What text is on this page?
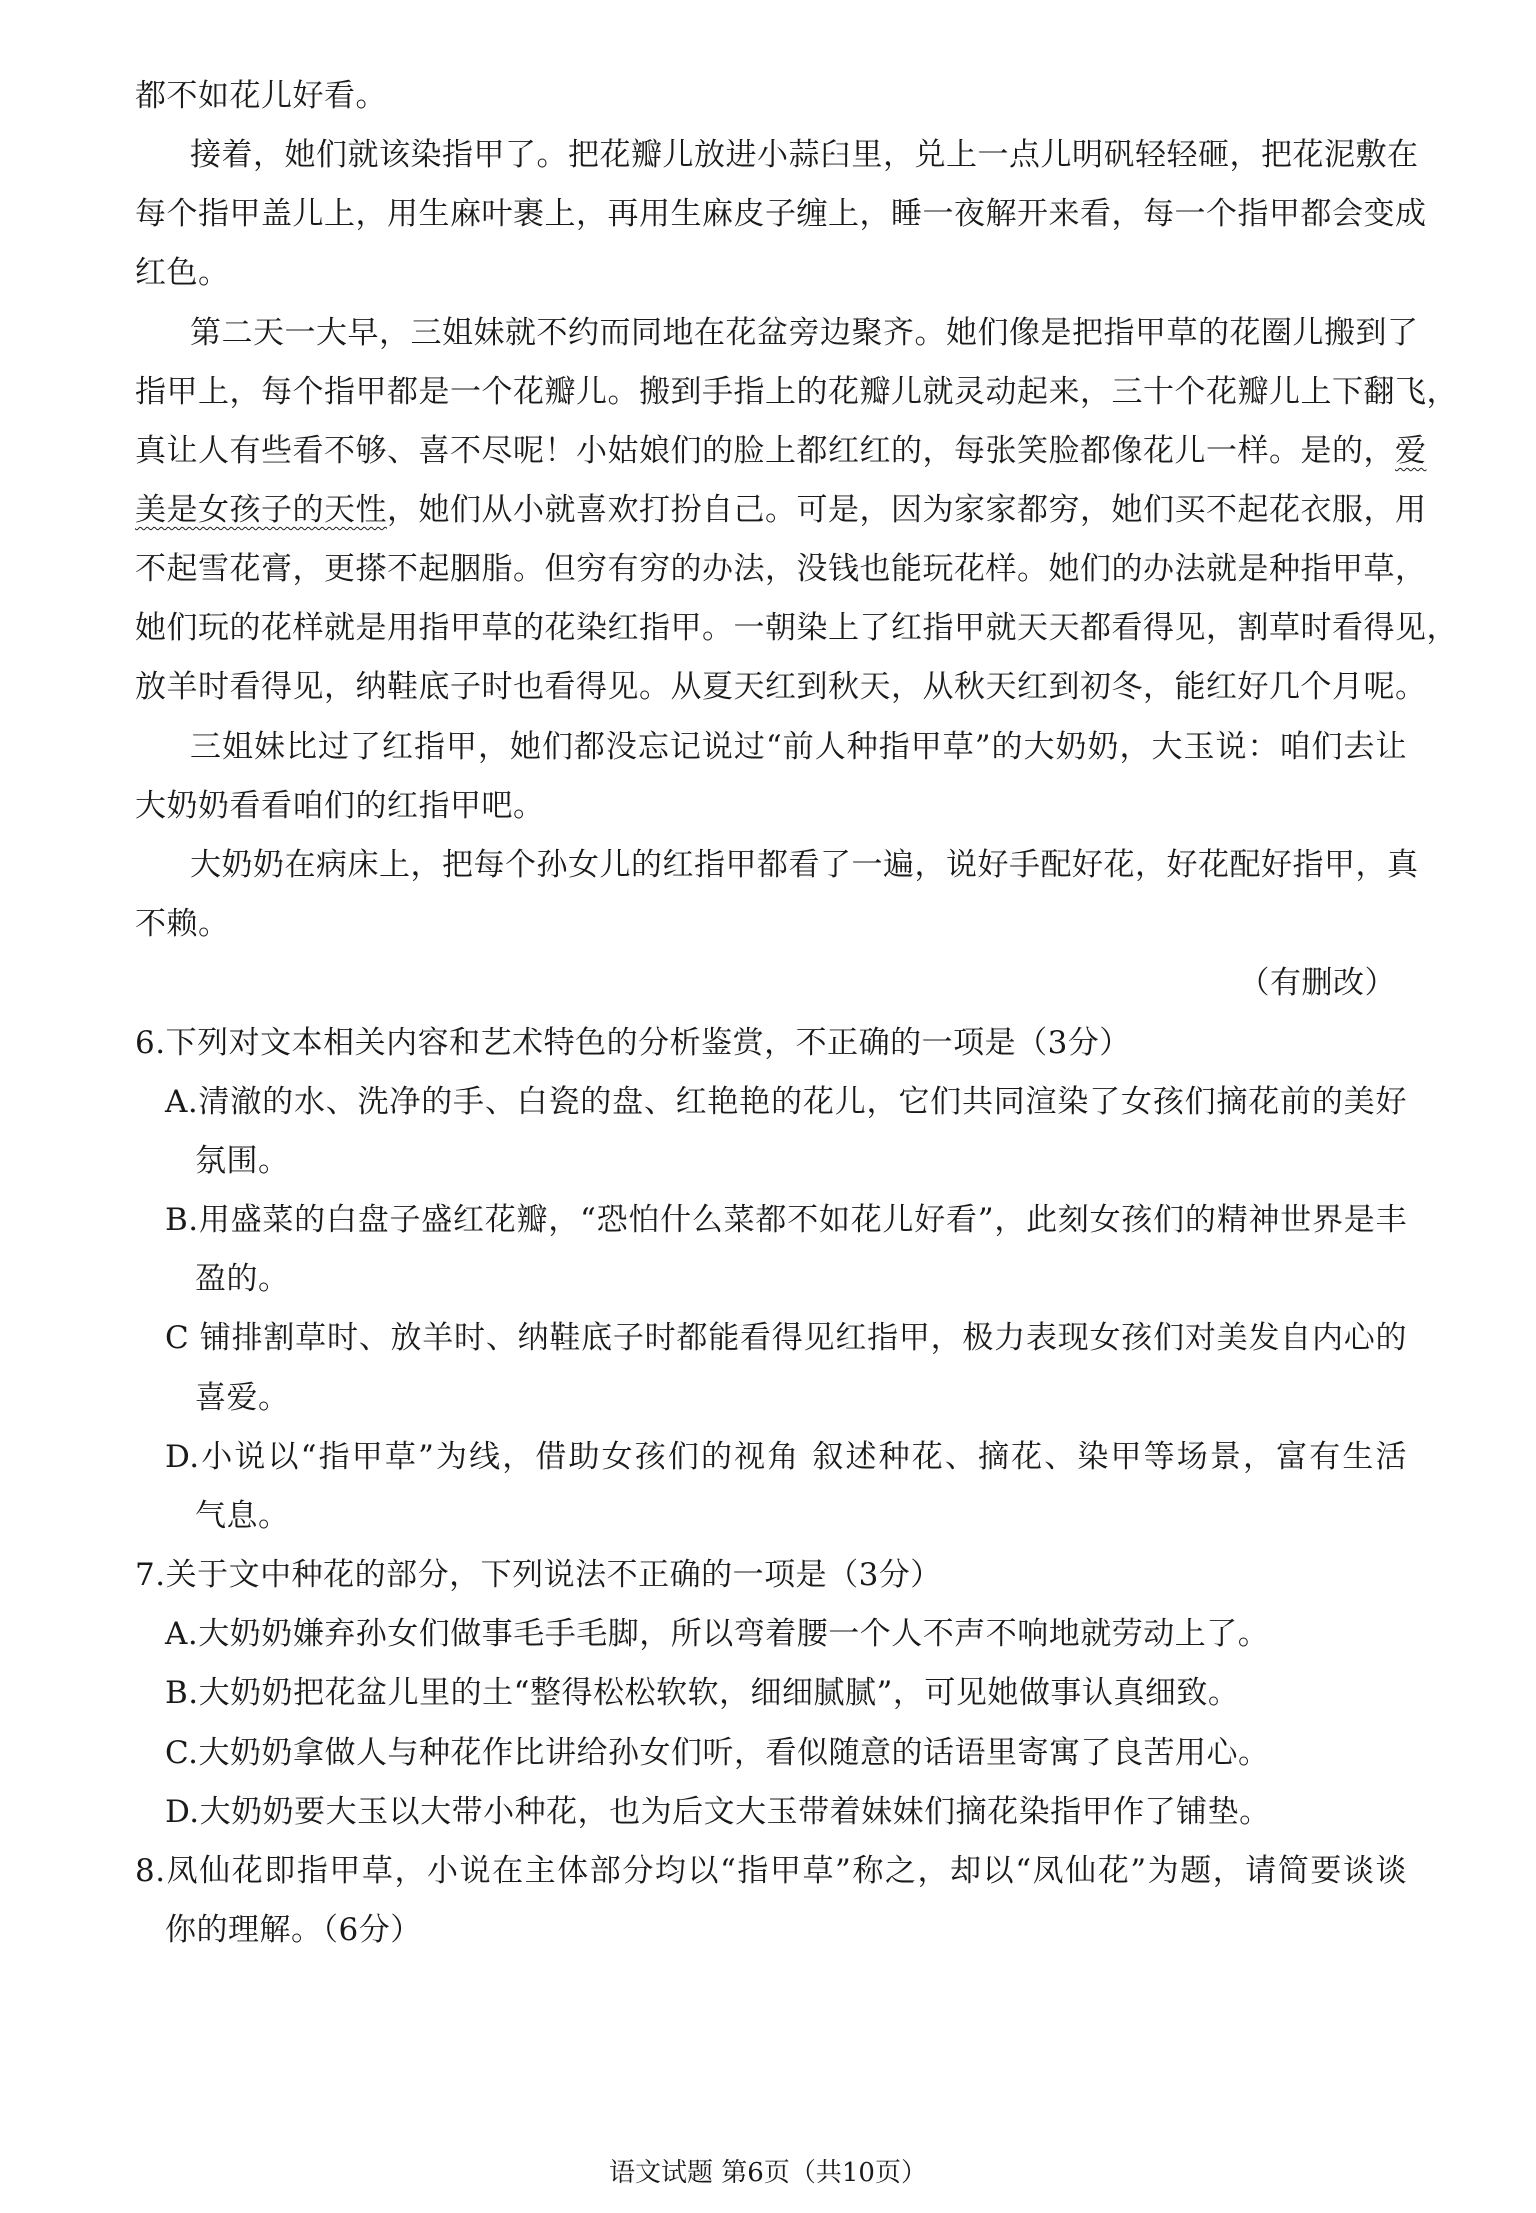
都不如花儿好看。
接着，她们就该染指甲了。把花瓣儿放进小蒜臼里，兑上一点儿明矾轻轻砸，把花泥敷在
每个指甲盖儿上，用生麻叶裹上，再用生麻皮子缠上，睡一夜解开来看，每一个指甲都会变成
红色。
第二天一大早，三姐妹就不约而同地在花盆旁边聚齐。她们像是把指甲草的花圈儿搬到了
指甲上，每个指甲都是一个花瓣儿。搬到手指上的花瓣儿就灵动起来，三十个花瓣儿上下翻飞，
真让人有些看不够、喜不尽呢！小姑娘们的脸上都红红的，每张笑脸都像花儿一样。是的，爱
美是女孩子的天性，她们从小就喜欢打扮自己。可是，因为家家都穷，她们买不起花衣服，用
不起雪花膏，更搽不起胭脂。但穷有穷的办法，没钱也能玩花样。她们的办法就是种指甲草，
她们玩的花样就是用指甲草的花染红指甲。一朝染上了红指甲就天天都看得见，割草时看得见，
放羊时看得见，纳鞋底子时也看得见。从夏天红到秋天，从秋天红到初冬，能红好几个月呢。
三姐妹比过了红指甲，她们都没忘记说过“前人种指甲草”的大奶奶，大玉说：咱们去让
大奶奶看看咱们的红指甲吧。
大奶奶在病床上，把每个孙女儿的红指甲都看了一遍，说好手配好花，好花配好指甲，真
不赖。
（有删改）
6.下列对文本相关内容和艺术特色的分析鉴赏，不正确的一项是（3分）
A.清澈的水、洗净的手、白瓷的盘、红艳艳的花儿，它们共同渲染了女孩们摘花前的美好
氛围。
B.用盛菜的白盘子盛红花瓣，“恐怕什么菜都不如花儿好看”，此刻女孩们的精神世界是丰
盈的。
C 铺排割草时、放羊时、纳鞋底子时都能看得见红指甲，极力表现女孩们对美发自内心的
喜爱。
D.小说以“指甲草”为线，借助女孩们的视角 叙述种花、摘花、染甲等场景，富有生活
气息。
7.关于文中种花的部分，下列说法不正确的一项是（3分）
A.大奶奶嫌弃孙女们做事毛手毛脚，所以弯着腰一个人不声不响地就劳动上了。
B.大奶奶把花盆儿里的土“整得松松软软，细细腻腻”，可见她做事认真细致。
C.大奶奶拿做人与种花作比讲给孙女们听，看似随意的话语里寄寓了良苦用心。
D.大奶奶要大玉以大带小种花，也为后文大玉带着妹妹们摘花染指甲作了铺垫。
8.凤仙花即指甲草，小说在主体部分均以“指甲草”称之，却以“凤仙花”为题，请简要谈谈
你的理解。（6分）
语文试题 第6页（共10页）
